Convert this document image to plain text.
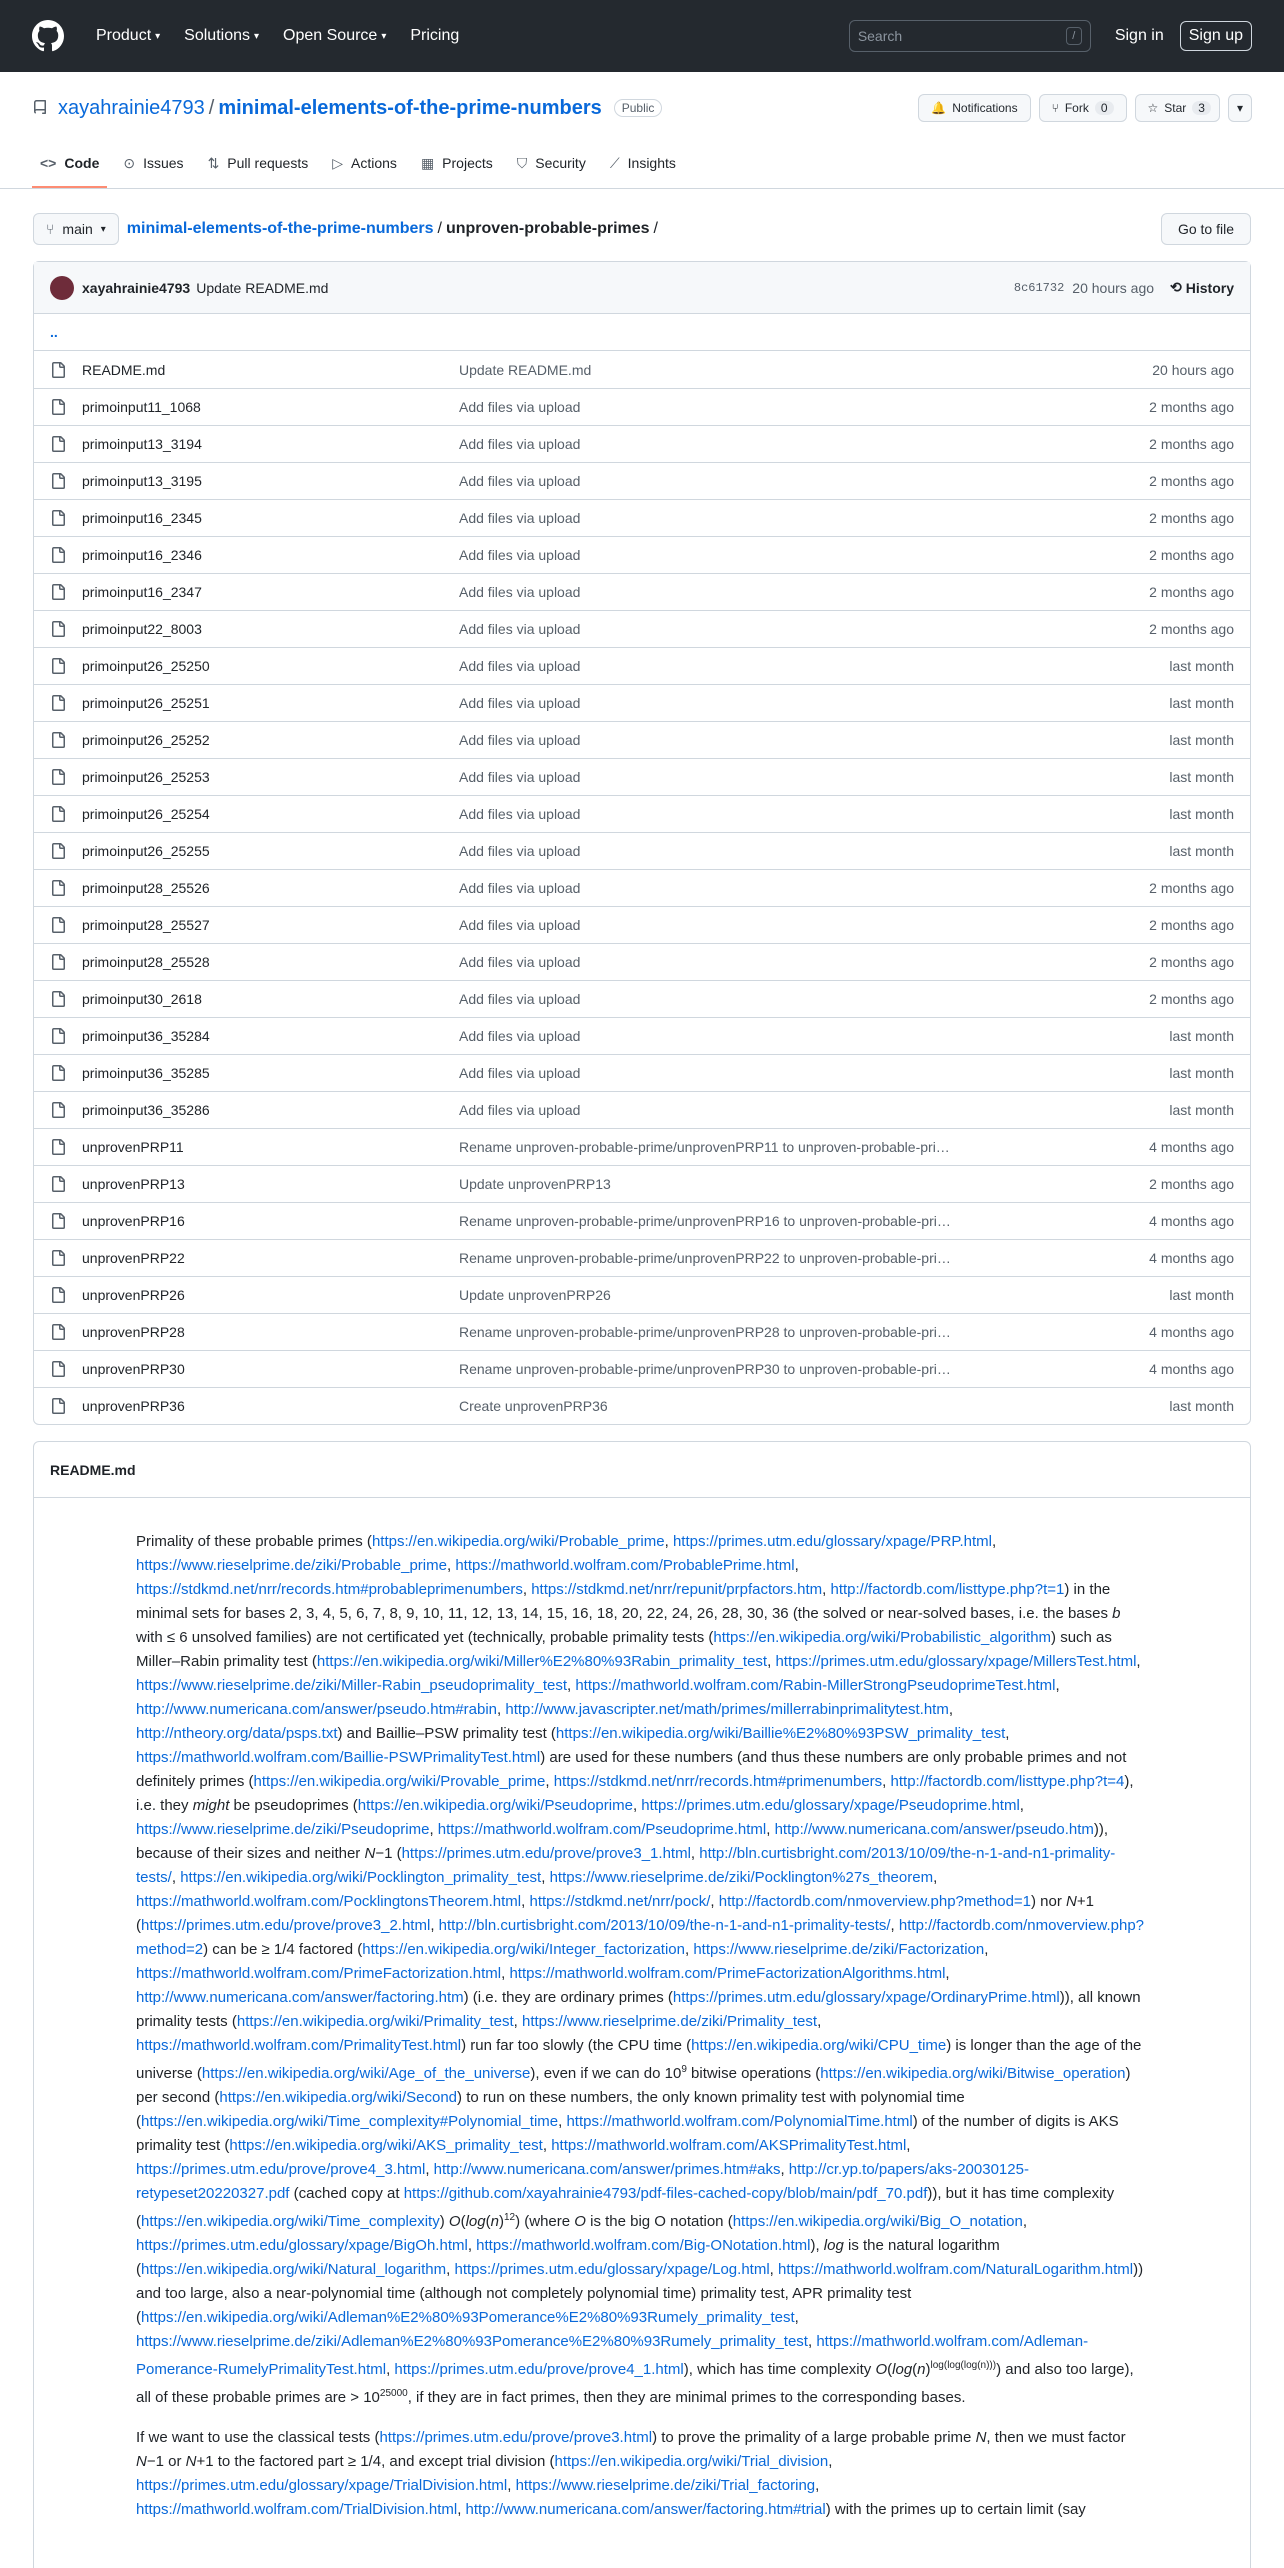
Product ▾ Solutions ▾ Open Source ▾ Pricing	Search	/	Sign in	Sign up
xayahrainie4793 / minimal-elements-of-the-prime-numbers	Public	🔔 Notifications	⑂ Fork	0	☆ Star	3	▾
<> Code ⊙ Issues ⇅ Pull requests ▷ Actions ▦ Projects ⛉ Security ⟋ Insights
⑂ main ▾ minimal-elements-of-the-prime-numbers / unproven-probable-primes /	Go to file
xayahrainie4793 Update README.md	8c61732 20 hours ago ⟲ History
..
README.md	Update README.md	20 hours ago
primoinput11_1068	Add files via upload	2 months ago
primoinput13_3194	Add files via upload	2 months ago
primoinput13_3195	Add files via upload	2 months ago
primoinput16_2345	Add files via upload	2 months ago
primoinput16_2346	Add files via upload	2 months ago
primoinput16_2347	Add files via upload	2 months ago
primoinput22_8003	Add files via upload	2 months ago
primoinput26_25250	Add files via upload	last month
primoinput26_25251	Add files via upload	last month
primoinput26_25252	Add files via upload	last month
primoinput26_25253	Add files via upload	last month
primoinput26_25254	Add files via upload	last month
primoinput26_25255	Add files via upload	last month
primoinput28_25526	Add files via upload	2 months ago
primoinput28_25527	Add files via upload	2 months ago
primoinput28_25528	Add files via upload	2 months ago
primoinput30_2618	Add files via upload	2 months ago
primoinput36_35284	Add files via upload	last month
primoinput36_35285	Add files via upload	last month
primoinput36_35286	Add files via upload	last month
unprovenPRP11	Rename unproven-probable-prime/unprovenPRP11 to unproven-probable-pri…	4 months ago
unprovenPRP13	Update unprovenPRP13	2 months ago
unprovenPRP16	Rename unproven-probable-prime/unprovenPRP16 to unproven-probable-pri…	4 months ago
unprovenPRP22	Rename unproven-probable-prime/unprovenPRP22 to unproven-probable-pri…	4 months ago
unprovenPRP26	Update unprovenPRP26	last month
unprovenPRP28	Rename unproven-probable-prime/unprovenPRP28 to unproven-probable-pri…	4 months ago
unprovenPRP30	Rename unproven-probable-prime/unprovenPRP30 to unproven-probable-pri…	4 months ago
unprovenPRP36	Create unprovenPRP36	last month
README.md

Primality of these probable primes (https://en.wikipedia.org/wiki/Probable_prime, https://primes.utm.edu/glossary/xpage/PRP.html, https://www.rieselprime.de/ziki/Probable_prime, https://mathworld.wolfram.com/ProbablePrime.html, https://stdkmd.net/nrr/records.htm#probableprimenumbers, https://stdkmd.net/nrr/repunit/prpfactors.htm, http://factordb.com/listtype.php?t=1) in the minimal sets for bases 2, 3, 4, 5, 6, 7, 8, 9, 10, 11, 12, 13, 14, 15, 16, 18, 20, 22, 24, 26, 28, 30, 36 (the solved or near-solved bases, i.e. the bases b with ≤ 6 unsolved families) are not certificated yet (technically, probable primality tests (https://en.wikipedia.org/wiki/Probabilistic_algorithm) such as Miller–Rabin primality test (https://en.wikipedia.org/wiki/Miller%E2%80%93Rabin_primality_test, https://primes.utm.edu/glossary/xpage/MillersTest.html, https://www.rieselprime.de/ziki/Miller-Rabin_pseudoprimality_test, https://mathworld.wolfram.com/Rabin-MillerStrongPseudoprimeTest.html, http://www.numericana.com/answer/pseudo.htm#rabin, http://www.javascripter.net/math/primes/millerrabinprimalitytest.htm, http://ntheory.org/data/psps.txt) and Baillie–PSW primality test (https://en.wikipedia.org/wiki/Baillie%E2%80%93PSW_primality_test, https://mathworld.wolfram.com/Baillie-PSWPrimalityTest.html) are used for these numbers (and thus these numbers are only probable primes and not definitely primes (https://en.wikipedia.org/wiki/Provable_prime, https://stdkmd.net/nrr/records.htm#primenumbers, http://factordb.com/listtype.php?t=4), i.e. they might be pseudoprimes (https://en.wikipedia.org/wiki/Pseudoprime, https://primes.utm.edu/glossary/xpage/Pseudoprime.html, https://www.rieselprime.de/ziki/Pseudoprime, https://mathworld.wolfram.com/Pseudoprime.html, http://www.numericana.com/answer/pseudo.htm)), because of their sizes and neither N−1 (https://primes.utm.edu/prove/prove3_1.html, http://bln.curtisbright.com/2013/10/09/the-n-1-and-n1-primality-tests/, https://en.wikipedia.org/wiki/Pocklington_primality_test, https://www.rieselprime.de/ziki/Pocklington%27s_theorem, https://mathworld.wolfram.com/PocklingtonsTheorem.html, https://stdkmd.net/nrr/pock/, http://factordb.com/nmoverview.php?method=1) nor N+1 (https://primes.utm.edu/prove/prove3_2.html, http://bln.curtisbright.com/2013/10/09/the-n-1-and-n1-primality-tests/, http://factordb.com/nmoverview.php?method=2) can be ≥ 1/4 factored (https://en.wikipedia.org/wiki/Integer_factorization, https://www.rieselprime.de/ziki/Factorization, https://mathworld.wolfram.com/PrimeFactorization.html, https://mathworld.wolfram.com/PrimeFactorizationAlgorithms.html, http://www.numericana.com/answer/factoring.htm) (i.e. they are ordinary primes (https://primes.utm.edu/glossary/xpage/OrdinaryPrime.html)), all known primality tests (https://en.wikipedia.org/wiki/Primality_test, https://www.rieselprime.de/ziki/Primality_test, https://mathworld.wolfram.com/PrimalityTest.html) run far too slowly (the CPU time (https://en.wikipedia.org/wiki/CPU_time) is longer than the age of the universe (https://en.wikipedia.org/wiki/Age_of_the_universe), even if we can do $10^9$ bitwise operations (https://en.wikipedia.org/wiki/Bitwise_operation) per second (https://en.wikipedia.org/wiki/Second) to run on these numbers, the only known primality test with polynomial time (https://en.wikipedia.org/wiki/Time_complexity#Polynomial_time, https://mathworld.wolfram.com/PolynomialTime.html) of the number of digits is AKS primality test (https://en.wikipedia.org/wiki/AKS_primality_test, https://mathworld.wolfram.com/AKSPrimalityTest.html, https://primes.utm.edu/prove/prove4_3.html, http://www.numericana.com/answer/primes.htm#aks, http://cr.yp.to/papers/aks-20030125-retypeset20220327.pdf (cached copy at https://github.com/xayahrainie4793/pdf-files-cached-copy/blob/main/pdf_70.pdf)), but it has time complexity (https://en.wikipedia.org/wiki/Time_complexity) $O(\log(n)^{12})$ (where O is the big O notation (https://en.wikipedia.org/wiki/Big_O_notation, https://primes.utm.edu/glossary/xpage/BigOh.html, https://mathworld.wolfram.com/Big-ONotation.html), log is the natural logarithm (https://en.wikipedia.org/wiki/Natural_logarithm, https://primes.utm.edu/glossary/xpage/Log.html, https://mathworld.wolfram.com/NaturalLogarithm.html)) and too large, also a near-polynomial time (although not completely polynomial time) primality test, APR primality test (https://en.wikipedia.org/wiki/Adleman%E2%80%93Pomerance%E2%80%93Rumely_primality_test, https://www.rieselprime.de/ziki/Adleman%E2%80%93Pomerance%E2%80%93Rumely_primality_test, https://mathworld.wolfram.com/Adleman-Pomerance-RumelyPrimalityTest.html, https://primes.utm.edu/prove/prove4_1.html), which has time complexity $O(\log(n)^{log(log(log(n)))})$ and also too large), all of these probable primes are > $10^{25000}$, if they are in fact primes, then they are minimal primes to the corresponding bases.

If we want to use the classical tests (https://primes.utm.edu/prove/prove3.html) to prove the primality of a large probable prime N, then we must factor N−1 or N+1 to the factored part ≥ 1/4, and except trial division (https://en.wikipedia.org/wiki/Trial_division, https://primes.utm.edu/glossary/xpage/TrialDivision.html, https://www.rieselprime.de/ziki/Trial_factoring, https://mathworld.wolfram.com/TrialDivision.html, http://www.numericana.com/answer/factoring.htm#trial) with the primes up to certain limit (say
